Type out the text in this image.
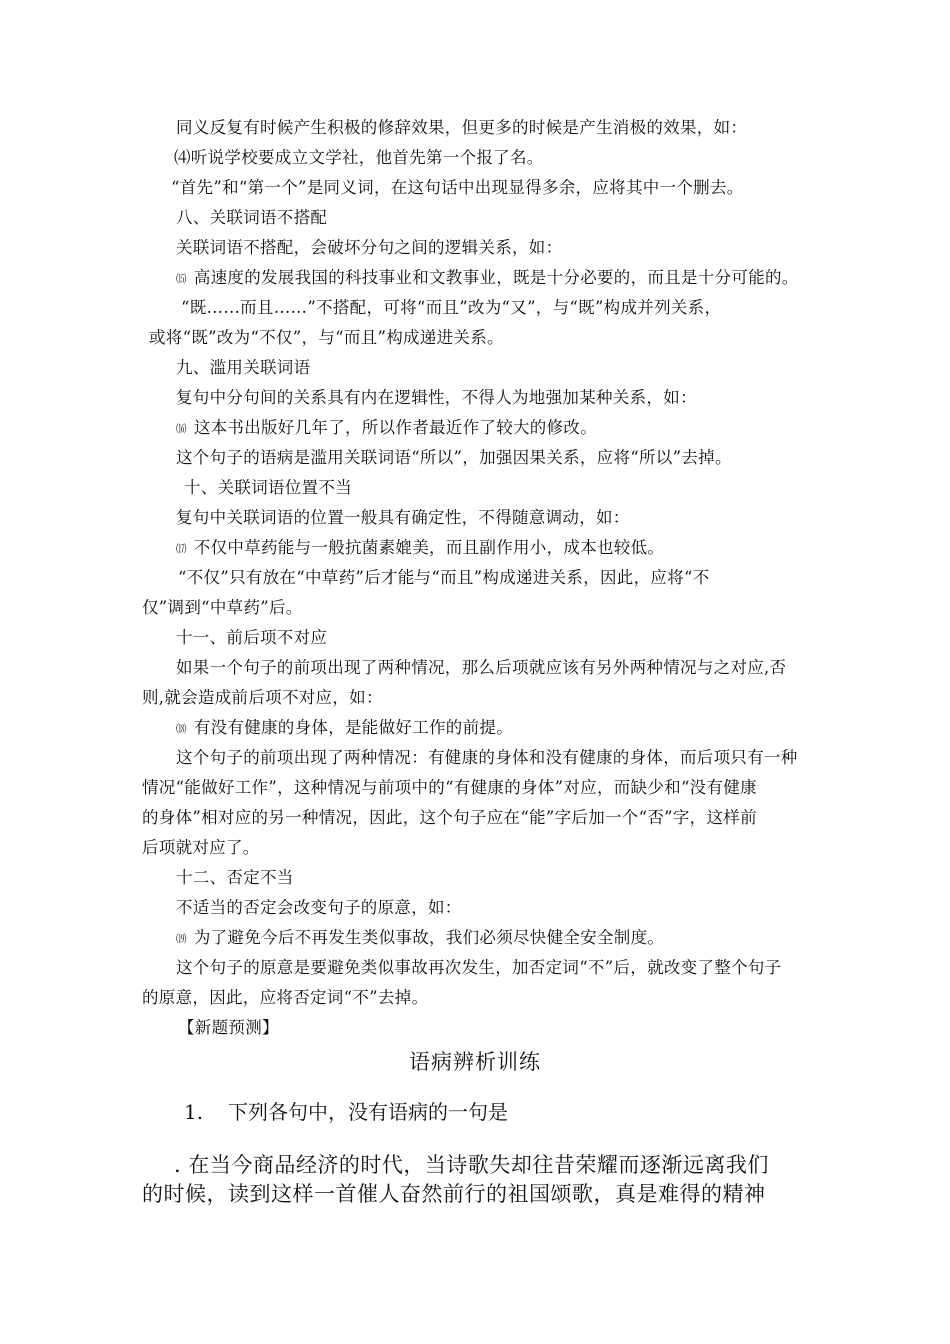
同义反复有时候产生积极的修辞效果，但更多的时候是产生消极的效果，如：
⑷听说学校要成立文学社，他首先第一个报了名。
“首先”和“第一个”是同义词，在这句话中出现显得多余，应将其中一个删去。
八、关联词语不搭配
关联词语不搭配，会破坏分句之间的逻辑关系，如：
⒂ 高速度的发展我国的科技事业和文教事业，既是十分必要的，而且是十分可能的。
“既……而且……”不搭配，可将“而且”改为“又”，与“既”构成并列关系，
或将“既”改为“不仅”，与“而且”构成递进关系。
九、滥用关联词语
复句中分句间的关系具有内在逻辑性，不得人为地强加某种关系，如：
⒃ 这本书出版好几年了，所以作者最近作了较大的修改。
这个句子的语病是滥用关联词语“所以”，加强因果关系，应将“所以”去掉。
十、关联词语位置不当
复句中关联词语的位置一般具有确定性，不得随意调动，如：
⒄ 不仅中草药能与一般抗菌素媲美，而且副作用小，成本也较低。
“不仅”只有放在“中草药”后才能与“而且”构成递进关系，因此，应将“不
仅”调到“中草药”后。
十一、前后项不对应
如果一个句子的前项出现了两种情况，那么后项就应该有另外两种情况与之对应,否
则,就会造成前后项不对应，如：
⒅ 有没有健康的身体，是能做好工作的前提。
这个句子的前项出现了两种情况：有健康的身体和没有健康的身体，而后项只有一种
情况“能做好工作”，这种情况与前项中的“有健康的身体”对应，而缺少和“没有健康
的身体”相对应的另一种情况，因此，这个句子应在“能”字后加一个“否”字，这样前
后项就对应了。
十二、否定不当
不适当的否定会改变句子的原意，如：
⒆ 为了避免今后不再发生类似事故，我们必须尽快健全安全制度。
这个句子的原意是要避免类似事故再次发生，加否定词“不”后，就改变了整个句子
的原意，因此，应将否定词“不”去掉。
【新题预测】
语病辨析训练
1. 下列各句中，没有语病的一句是
. 在当今商品经济的时代，当诗歌失却往昔荣耀而逐渐远离我们
的时候，读到这样一首催人奋然前行的祖国颂歌，真是难得的精神
